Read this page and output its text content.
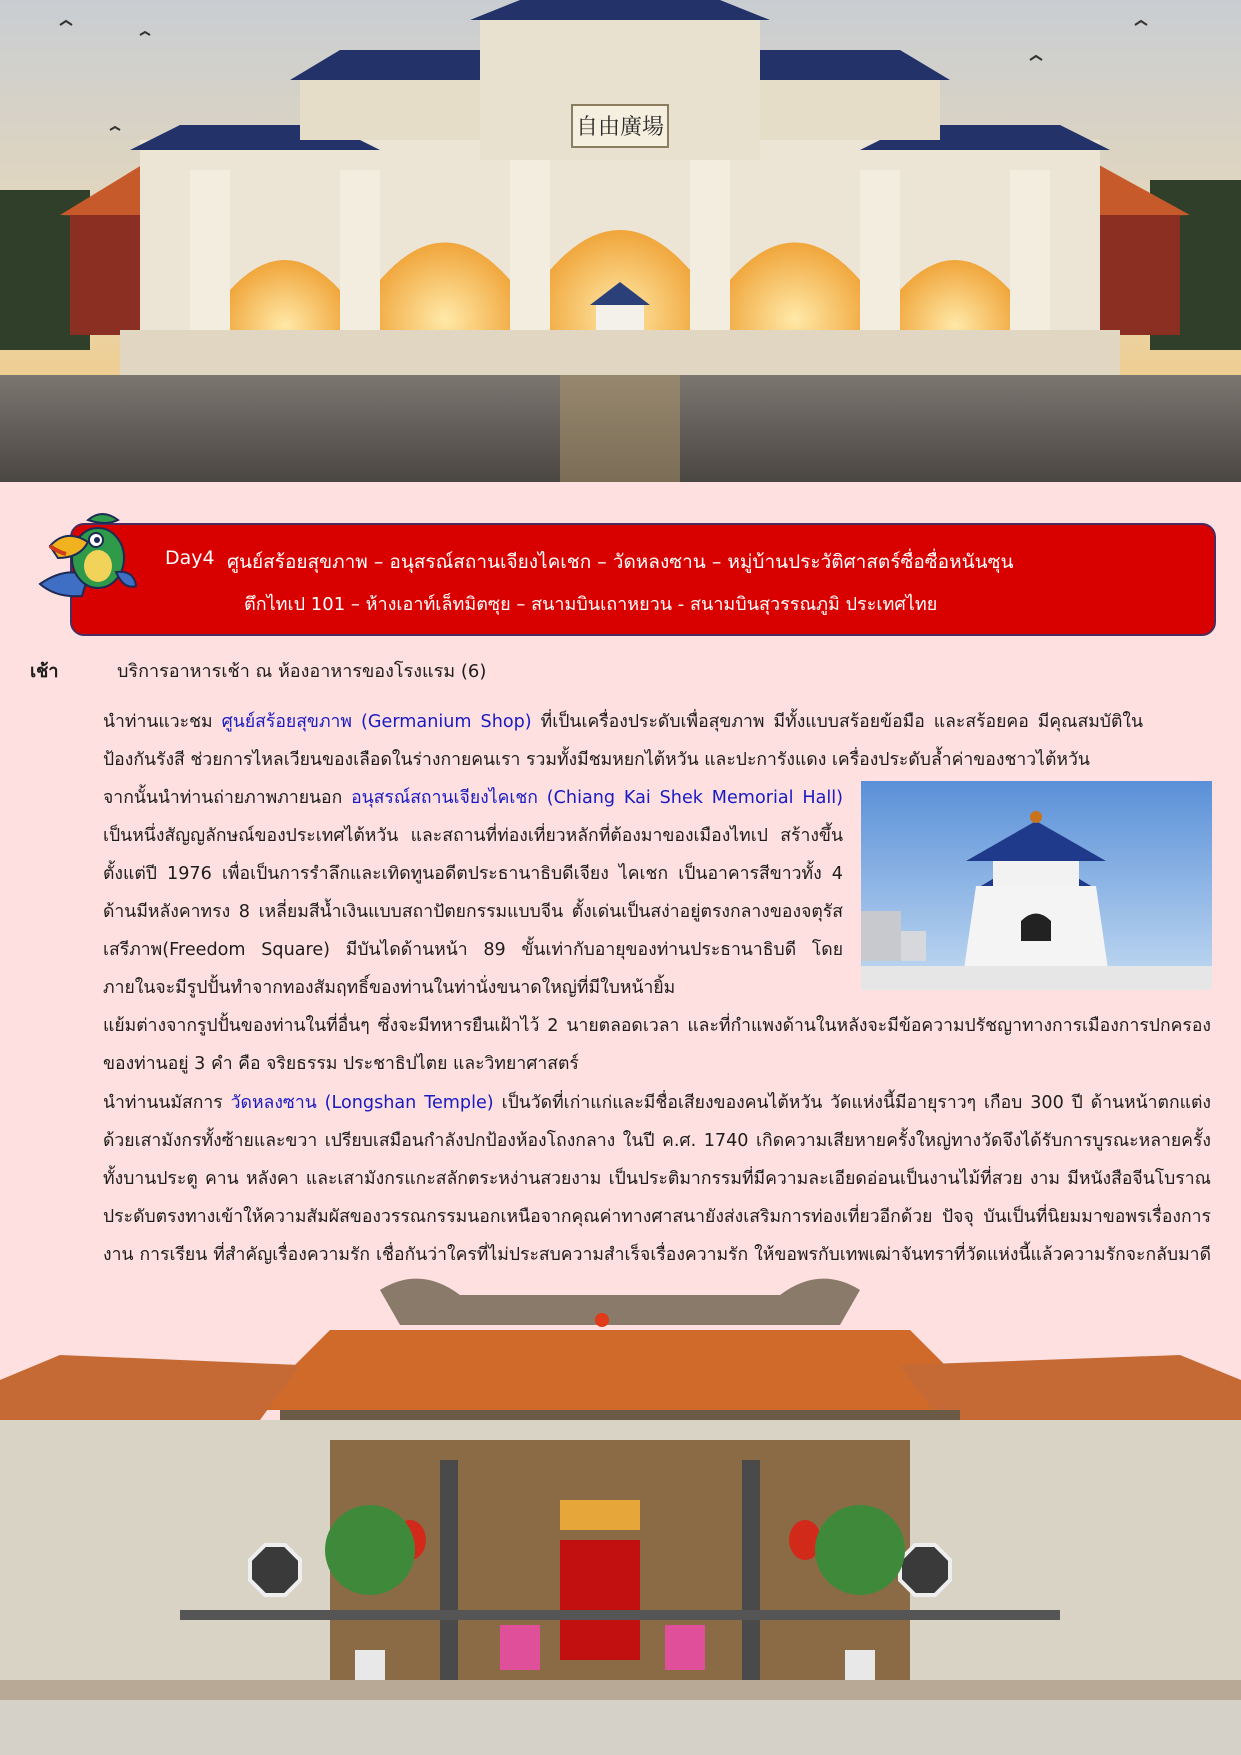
自由廣場
Day4 ศูนย์สร้อยสุขภาพ – อนุสรณ์สถานเจียงไคเชก – วัดหลงซาน – หมู่บ้านประวัติศาสตร์ซื่อซื่อหนันซุน
ตึกไทเป 101 – ห้างเอาท์เล็ทมิตซุย – สนามบินเถาหยวน - สนามบินสุวรรณภูมิ ประเทศไทย
เช้า	บริการอาหารเช้า ณ ห้องอาหารของโรงแรม (6)

นำท่านแวะชม ศูนย์สร้อยสุขภาพ (Germanium Shop) ที่เป็นเครื่องประดับเพื่อสุขภาพ มีทั้งแบบสร้อยข้อมือ และสร้อยคอ มีคุณสมบัติในป้องกันรังสี ช่วยการไหลเวียนของเลือดในร่างกายคนเรา รวมทั้งมีชมหยกไต้หวัน และปะการังแดง เครื่องประดับล้ำค่าของชาวไต้หวัน

จากนั้นนำท่านถ่ายภาพภายนอก อนุสรณ์สถานเจียงไคเชก (Chiang Kai Shek Memorial Hall) เป็นหนึ่งสัญญลักษณ์ของประเทศไต้หวัน และสถานที่ท่องเที่ยวหลักที่ต้องมาของเมืองไทเป สร้างขึ้นตั้งแต่ปี 1976 เพื่อเป็นการรำลึกและเทิดทูนอดีตประธานาธิบดีเจียง ไคเชก เป็นอาคารสีขาวทั้ง 4 ด้านมีหลังคาทรง 8 เหลี่ยมสีน้ำเงินแบบสถาปัตยกรรมแบบจีน ตั้งเด่นเป็นสง่าอยู่ตรงกลางของจตุรัสเสรีภาพ(Freedom Square) มีบันไดด้านหน้า 89 ขั้นเท่ากับอายุของท่านประธานาธิบดี โดยภายในจะมีรูปปั้นทำจากทองสัมฤทธิ์ของท่านในท่านั่งขนาดใหญ่ที่มีใบหน้ายิ้ม

แย้มต่างจากรูปปั้นของท่านในที่อื่นๆ ซึ่งจะมีทหารยืนเฝ้าไว้ 2 นายตลอดเวลา และที่กำแพงด้านในหลังจะมีข้อความปรัชญาทางการเมืองการปกครองของท่านอยู่ 3 คำ คือ จริยธรรม ประชาธิปไตย และวิทยาศาสตร์

นำท่านนมัสการ วัดหลงซาน (Longshan Temple) เป็นวัดที่เก่าแก่และมีชื่อเสียงของคนไต้หวัน วัดแห่งนี้มีอายุราวๆ เกือบ 300 ปี ด้านหน้าตกแต่งด้วยเสามังกรทั้งซ้ายและขวา เปรียบเสมือนกำลังปกป้องห้องโถงกลาง ในปี ค.ศ. 1740 เกิดความเสียหายครั้งใหญ่ทางวัดจึงได้รับการบูรณะหลายครั้ง ทั้งบานประตู คาน หลังคา และเสามังกรแกะสลักตระหง่านสวยงาม เป็นประติมากรรมที่มีความละเอียดอ่อนเป็นงานไม้ที่สวย งาม มีหนังสือจีนโบราณประดับตรงทางเข้าให้ความสัมผัสของวรรณกรรมนอกเหนือจากคุณค่าทางศาสนายังส่งเสริมการท่องเที่ยวอีกด้วย ปัจจุ บันเป็นที่นิยมมาขอพรเรื่องการงาน การเรียน ที่สำคัญเรื่องความรัก เชื่อกันว่าใครที่ไม่ประสบความสำเร็จเรื่องความรัก ให้ขอพรกับเทพเฒ่าจันทราที่วัดแห่งนี้แล้วความรักจะกลับมาดี
